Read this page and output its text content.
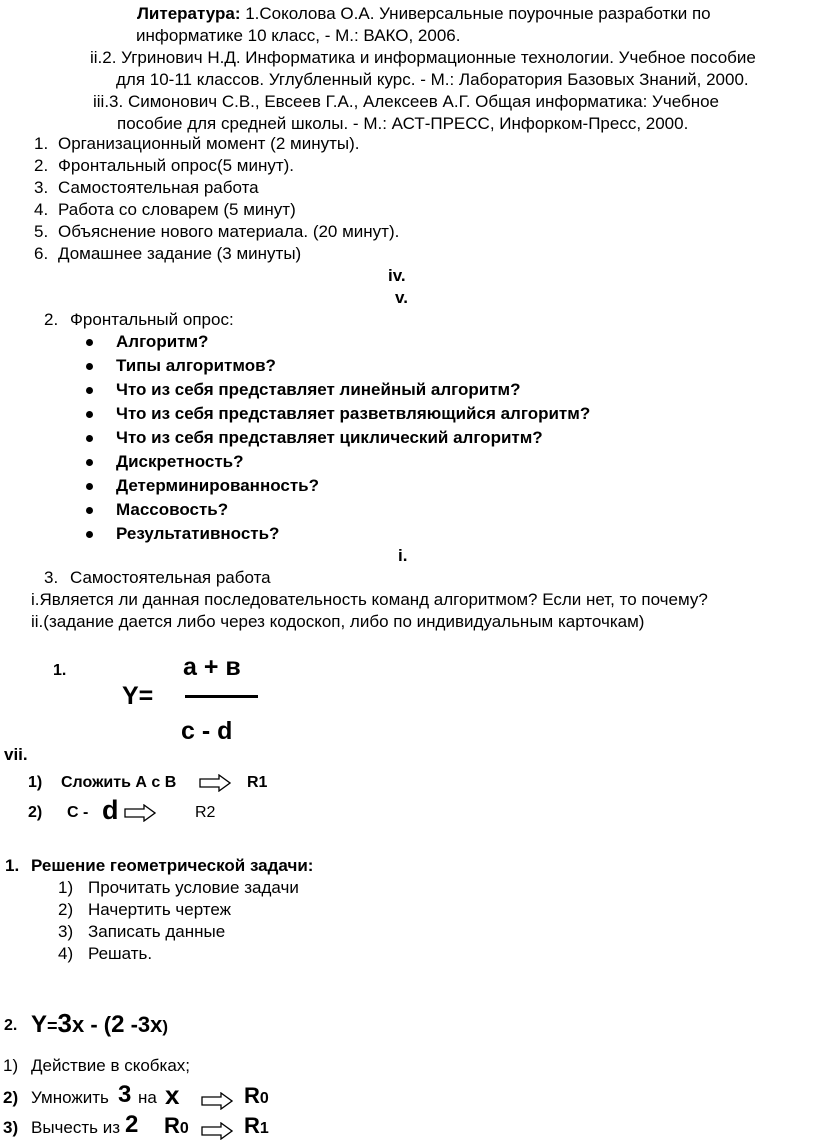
Литература: 1.Соколова О.А. Универсальные поурочные разработки по
информатике 10 класс, - М.: ВАКО, 2006.
ii.2. Угринович Н.Д. Информатика и информационные технологии. Учебное пособие
для 10-11 классов. Углубленный курс. - М.: Лаборатория Базовых Знаний, 2000.
iii.3. Симонович С.В., Евсеев Г.А., Алексеев А.Г. Общая информатика: Учебное
пособие для средней школы. - М.: АСТ-ПРЕСС, Инфорком-Пресс, 2000.
1. Организационный момент (2 минуты).
2. Фронтальный опрос(5 минут).
3. Самостоятельная работа
4. Работа со словарем (5 минут)
5. Объяснение нового материала. (20 минут).
6. Домашнее задание (3 минуты)
iv.
v.
2. Фронтальный опрос:
Алгоритм?
Типы алгоритмов?
Что из себя представляет линейный алгоритм?
Что из себя представляет разветвляющийся алгоритм?
Что из себя представляет циклический алгоритм?
Дискретность?
Детерминированность?
Массовость?
Результативность?
i.
3. Самостоятельная работа
i.Является ли данная последовательность команд алгоритмом? Если нет, то почему?
ii.(задание дается либо через кодоскоп, либо по индивидуальным карточкам)
1.	а + в
Y=
с - d
vii.
1) Сложить А с В	R1
2) С - d	R2
1. Решение геометрической задачи:
1) Прочитать условие задачи
2) Начертить чертеж
3) Записать данные
4) Решать.
2. Y=3х - (2 -3х)
1) Действие в скобках;
2) Умножить 3 на х	R0
3) Вычесть из 2 R0	R1
